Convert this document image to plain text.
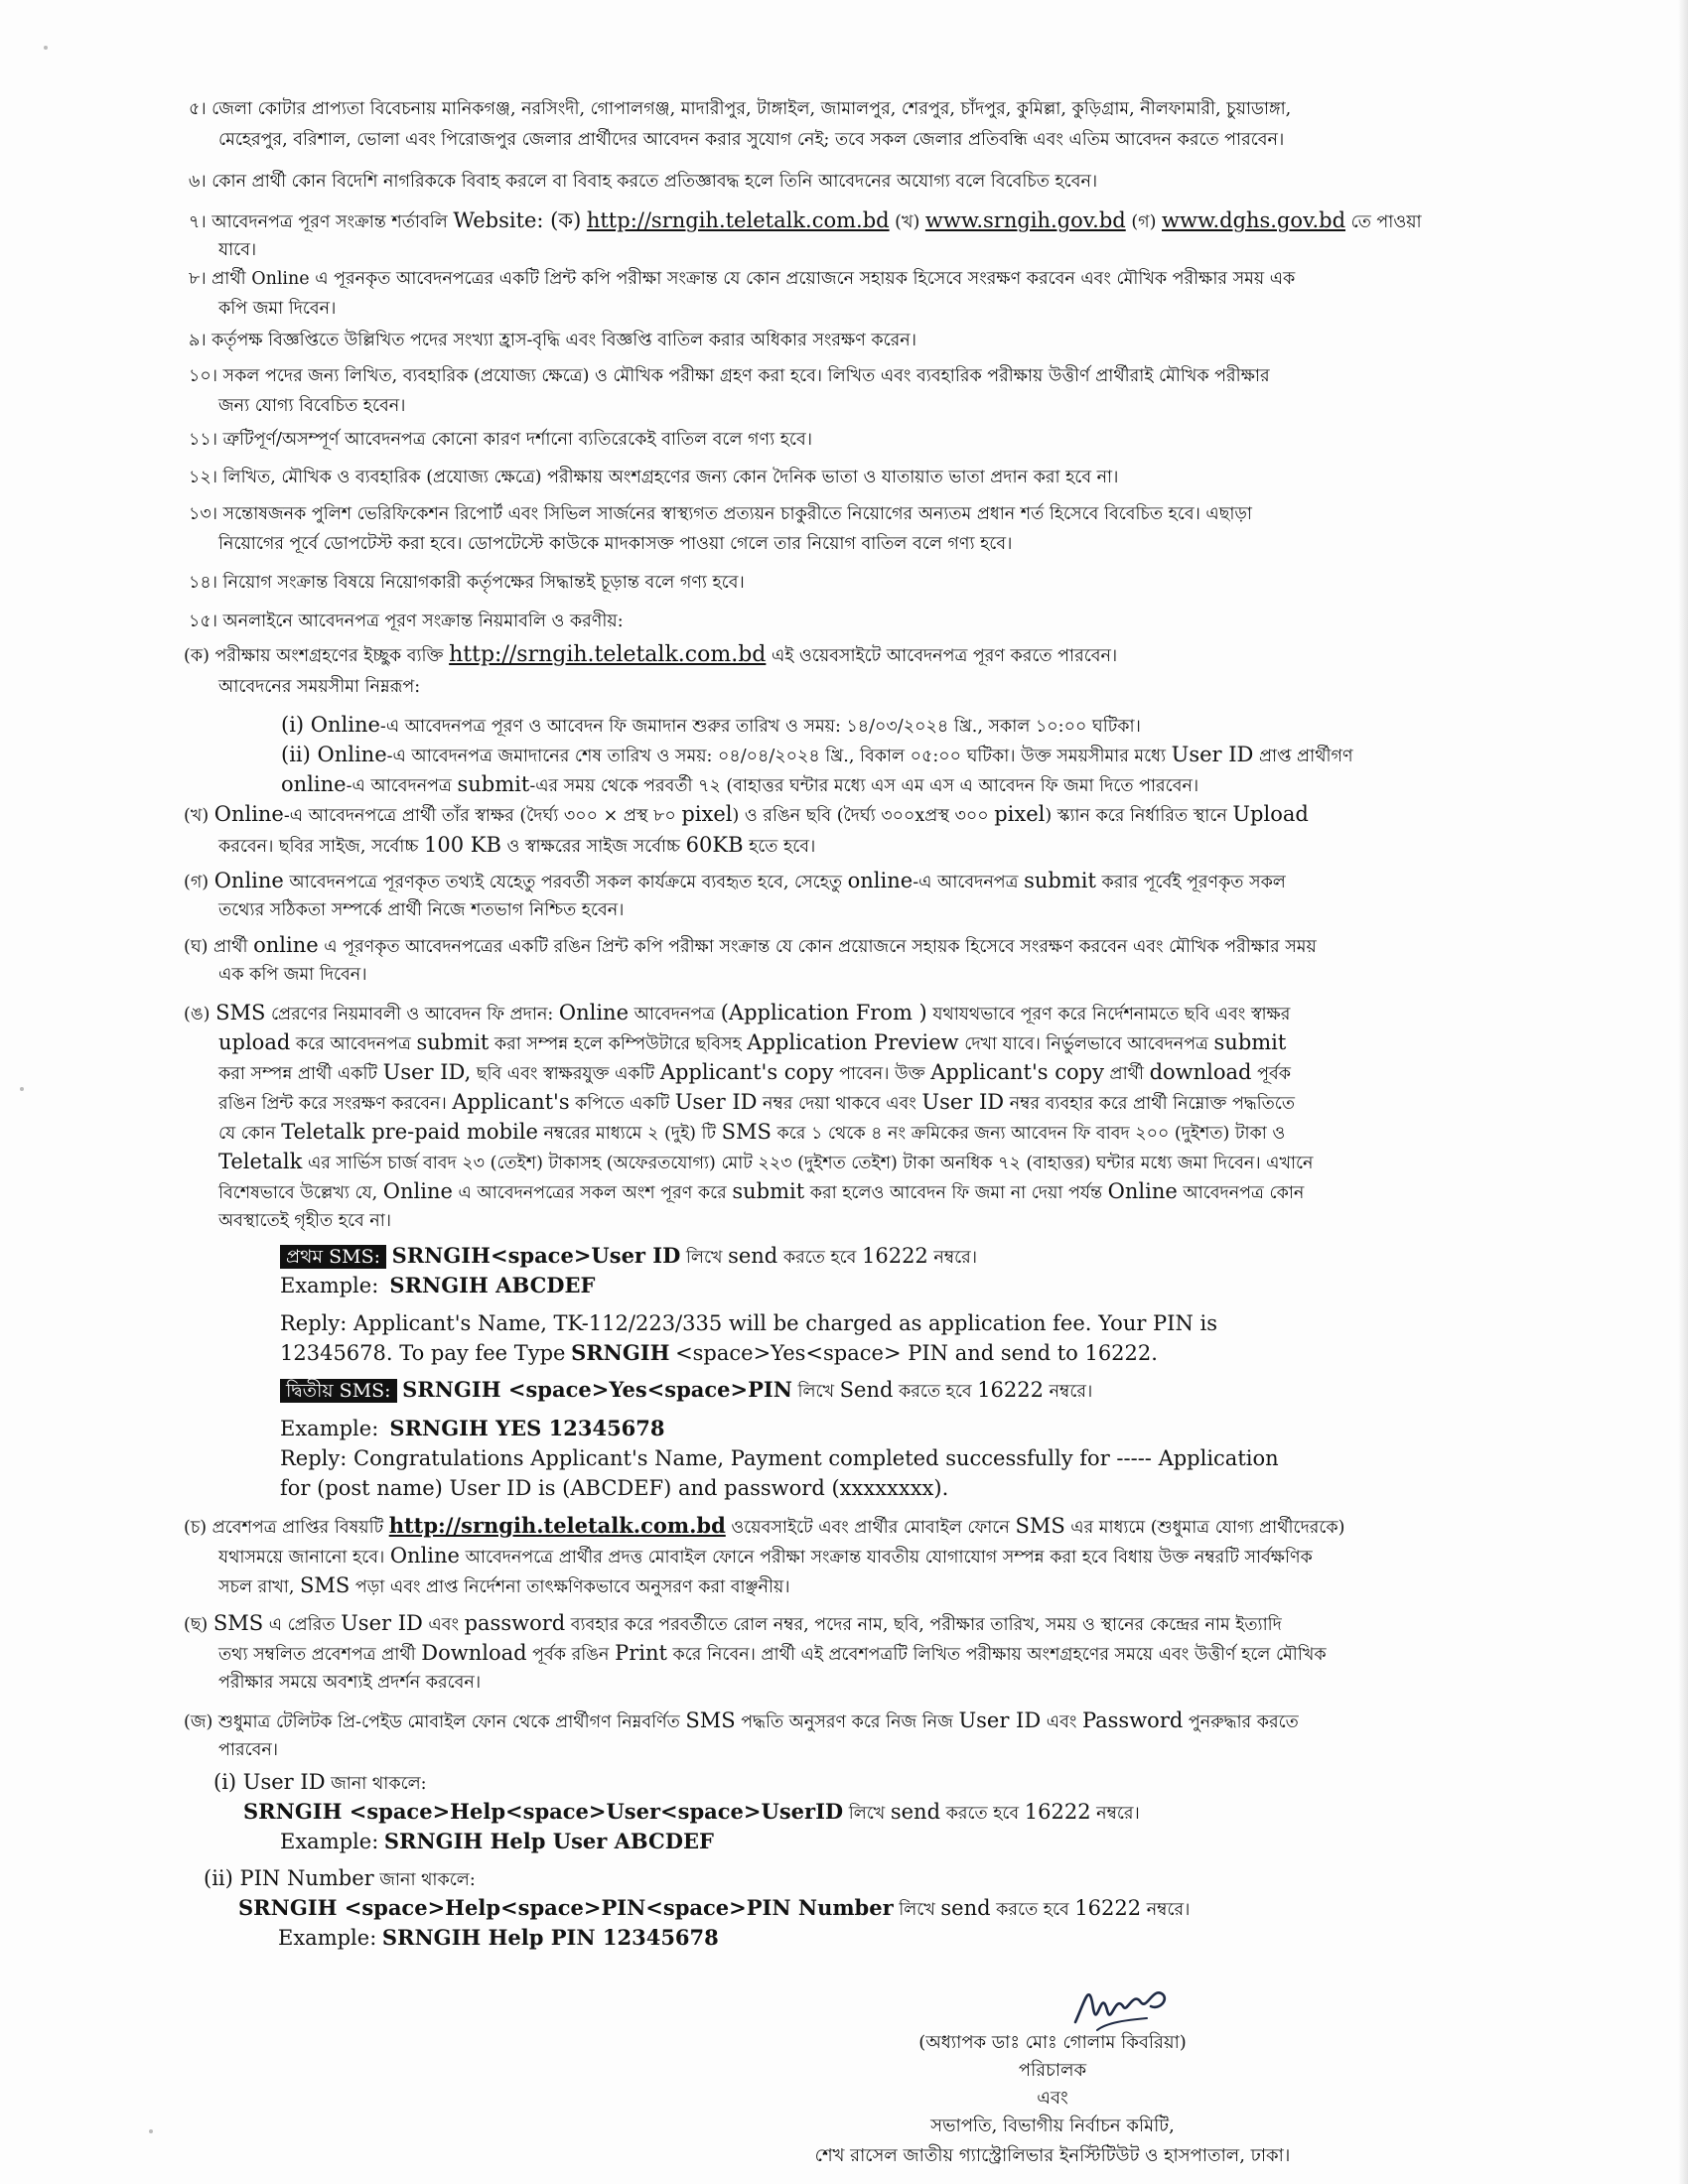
৫। জেলা কোটার প্রাপ্যতা বিবেচনায় মানিকগঞ্জ, নরসিংদী, গোপালগঞ্জ, মাদারীপুর, টাঙ্গাইল, জামালপুর, শেরপুর, চাঁদপুর, কুমিল্লা, কুড়িগ্রাম, নীলফামারী, চুয়াডাঙ্গা,
মেহেরপুর, বরিশাল, ভোলা এবং পিরোজপুর জেলার প্রার্থীদের আবেদন করার সুযোগ নেই; তবে সকল জেলার প্রতিবন্ধি এবং এতিম আবেদন করতে পারবেন।
৬। কোন প্রার্থী কোন বিদেশি নাগরিককে বিবাহ করলে বা বিবাহ করতে প্রতিজ্ঞাবদ্ধ হলে তিনি আবেদনের অযোগ্য বলে বিবেচিত হবেন।
৭। আবেদনপত্র পূরণ সংক্রান্ত শর্তাবলি Website: (ক) http://srngih.teletalk.com.bd (খ) www.srngih.gov.bd (গ) www.dghs.gov.bd তে পাওয়া
যাবে।
৮। প্রার্থী Online এ পূরনকৃত আবেদনপত্রের একটি প্রিন্ট কপি পরীক্ষা সংক্রান্ত যে কোন প্রয়োজনে সহায়ক হিসেবে সংরক্ষণ করবেন এবং মৌখিক পরীক্ষার সময় এক
কপি জমা দিবেন।
৯। কর্তৃপক্ষ বিজ্ঞপ্তিতে উল্লিখিত পদের সংখ্যা হ্রাস-বৃদ্ধি এবং বিজ্ঞপ্তি বাতিল করার অধিকার সংরক্ষণ করেন।
১০। সকল পদের জন্য লিখিত, ব্যবহারিক (প্রযোজ্য ক্ষেত্রে) ও মৌখিক পরীক্ষা গ্রহণ করা হবে। লিখিত এবং ব্যবহারিক পরীক্ষায় উত্তীর্ণ প্রার্থীরাই মৌখিক পরীক্ষার
জন্য যোগ্য বিবেচিত হবেন।
১১। ত্রুটিপূর্ণ/অসম্পূর্ণ আবেদনপত্র কোনো কারণ দর্শানো ব্যতিরেকেই বাতিল বলে গণ্য হবে।
১২। লিখিত, মৌখিক ও ব্যবহারিক (প্রযোজ্য ক্ষেত্রে) পরীক্ষায় অংশগ্রহণের জন্য কোন দৈনিক ভাতা ও যাতায়াত ভাতা প্রদান করা হবে না।
১৩। সন্তোষজনক পুলিশ ভেরিফিকেশন রিপোর্ট এবং সিভিল সার্জনের স্বাস্থ্যগত প্রত্যয়ন চাকুরীতে নিয়োগের অন্যতম প্রধান শর্ত হিসেবে বিবেচিত হবে। এছাড়া
নিয়োগের পূর্বে ডোপটেস্ট করা হবে। ডোপটেস্টে কাউকে মাদকাসক্ত পাওয়া গেলে তার নিয়োগ বাতিল বলে গণ্য হবে।
১৪। নিয়োগ সংক্রান্ত বিষয়ে নিয়োগকারী কর্তৃপক্ষের সিদ্ধান্তই চূড়ান্ত বলে গণ্য হবে।
১৫। অনলাইনে আবেদনপত্র পূরণ সংক্রান্ত নিয়মাবলি ও করণীয়:
(ক) পরীক্ষায় অংশগ্রহণের ইচ্ছুক ব্যক্তি http://srngih.teletalk.com.bd এই ওয়েবসাইটে আবেদনপত্র পূরণ করতে পারবেন।
আবেদনের সময়সীমা নিম্নরূপ:
(i) Online-এ আবেদনপত্র পূরণ ও আবেদন ফি জমাদান শুরুর তারিখ ও সময়: ১৪/০৩/২০২৪ খ্রি., সকাল ১০:০০ ঘটিকা।
(ii) Online-এ আবেদনপত্র জমাদানের শেষ তারিখ ও সময়: ০৪/০৪/২০২৪ খ্রি., বিকাল ০৫:০০ ঘটিকা। উক্ত সময়সীমার মধ্যে User ID প্রাপ্ত প্রার্থীগণ
online-এ আবেদনপত্র submit-এর সময় থেকে পরবর্তী ৭২ (বাহাত্তর ঘন্টার মধ্যে এস এম এস এ আবেদন ফি জমা দিতে পারবেন।
(খ) Online-এ আবেদনপত্রে প্রার্থী তাঁর স্বাক্ষর (দৈর্ঘ্য ৩০০ × প্রস্থ ৮০ pixel) ও রঙিন ছবি (দৈর্ঘ্য ৩০০xপ্রস্থ ৩০০ pixel) স্ক্যান করে নির্ধারিত স্থানে Upload
করবেন। ছবির সাইজ, সর্বোচ্চ 100 KB ও স্বাক্ষরের সাইজ সর্বোচ্চ 60KB হতে হবে।
(গ) Online আবেদনপত্রে পূরণকৃত তথ্যই যেহেতু পরবর্তী সকল কার্যক্রমে ব্যবহৃত হবে, সেহেতু online-এ আবেদনপত্র submit করার পূর্বেই পূরণকৃত সকল
তথ্যের সঠিকতা সম্পর্কে প্রার্থী নিজে শতভাগ নিশ্চিত হবেন।
(ঘ) প্রার্থী online এ পূরণকৃত আবেদনপত্রের একটি রঙিন প্রিন্ট কপি পরীক্ষা সংক্রান্ত যে কোন প্রয়োজনে সহায়ক হিসেবে সংরক্ষণ করবেন এবং মৌখিক পরীক্ষার সময়
এক কপি জমা দিবেন।
(ঙ) SMS প্রেরণের নিয়মাবলী ও আবেদন ফি প্রদান: Online আবেদনপত্র (Application From ) যথাযথভাবে পূরণ করে নির্দেশনামতে ছবি এবং স্বাক্ষর
upload করে আবেদনপত্র submit করা সম্পন্ন হলে কম্পিউটারে ছবিসহ Application Preview দেখা যাবে। নির্ভুলভাবে আবেদনপত্র submit
করা সম্পন্ন প্রার্থী একটি User ID, ছবি এবং স্বাক্ষরযুক্ত একটি Applicant's copy পাবেন। উক্ত Applicant's copy প্রার্থী download পূর্বক
রঙিন প্রিন্ট করে সংরক্ষণ করবেন। Applicant's কপিতে একটি User ID নম্বর দেয়া থাকবে এবং User ID নম্বর ব্যবহার করে প্রার্থী নিম্নোক্ত পদ্ধতিতে
যে কোন Teletalk pre-paid mobile নম্বরের মাধ্যমে ২ (দুই) টি SMS করে ১ থেকে ৪ নং ক্রমিকের জন্য আবেদন ফি বাবদ ২০০ (দুইশত) টাকা ও
Teletalk এর সার্ভিস চার্জ বাবদ ২৩ (তেইশ) টাকাসহ (অফেরতযোগ্য) মোট ২২৩ (দুইশত তেইশ) টাকা অনধিক ৭২ (বাহাত্তর) ঘন্টার মধ্যে জমা দিবেন। এখানে
বিশেষভাবে উল্লেখ্য যে, Online এ আবেদনপত্রের সকল অংশ পূরণ করে submit করা হলেও আবেদন ফি জমা না দেয়া পর্যন্ত Online আবেদনপত্র কোন
অবস্থাতেই গৃহীত হবে না।
প্রথম SMS: SRNGIH<space>User ID লিখে send করতে হবে 16222 নম্বরে।
Example: SRNGIH ABCDEF
Reply: Applicant's Name, TK-112/223/335 will be charged as application fee. Your PIN is
12345678. To pay fee Type SRNGIH <space>Yes<space> PIN and send to 16222.
দ্বিতীয় SMS: SRNGIH <space>Yes<space>PIN লিখে Send করতে হবে 16222 নম্বরে।
Example: SRNGIH YES 12345678
Reply: Congratulations Applicant's Name, Payment completed successfully for ----- Application
for (post name) User ID is (ABCDEF) and password (xxxxxxxx).
(চ) প্রবেশপত্র প্রাপ্তির বিষয়টি http://srngih.teletalk.com.bd ওয়েবসাইটে এবং প্রার্থীর মোবাইল ফোনে SMS এর মাধ্যমে (শুধুমাত্র যোগ্য প্রার্থীদেরকে)
যথাসময়ে জানানো হবে। Online আবেদনপত্রে প্রার্থীর প্রদত্ত মোবাইল ফোনে পরীক্ষা সংক্রান্ত যাবতীয় যোগাযোগ সম্পন্ন করা হবে বিধায় উক্ত নম্বরটি সার্বক্ষণিক
সচল রাখা, SMS পড়া এবং প্রাপ্ত নির্দেশনা তাৎক্ষণিকভাবে অনুসরণ করা বাঞ্ছনীয়।
(ছ) SMS এ প্রেরিত User ID এবং password ব্যবহার করে পরবর্তীতে রোল নম্বর, পদের নাম, ছবি, পরীক্ষার তারিখ, সময় ও স্থানের কেন্দ্রের নাম ইত্যাদি
তথ্য সম্বলিত প্রবেশপত্র প্রার্থী Download পূর্বক রঙিন Print করে নিবেন। প্রার্থী এই প্রবেশপত্রটি লিখিত পরীক্ষায় অংশগ্রহণের সময়ে এবং উত্তীর্ণ হলে মৌখিক
পরীক্ষার সময়ে অবশ্যই প্রদর্শন করবেন।
(জ) শুধুমাত্র টেলিটক প্রি-পেইড মোবাইল ফোন থেকে প্রার্থীগণ নিম্নবর্ণিত SMS পদ্ধতি অনুসরণ করে নিজ নিজ User ID এবং Password পুনরুদ্ধার করতে
পারবেন।
(i) User ID জানা থাকলে:
SRNGIH <space>Help<space>User<space>UserID লিখে send করতে হবে 16222 নম্বরে।
Example: SRNGIH Help User ABCDEF
(ii) PIN Number জানা থাকলে:
SRNGIH <space>Help<space>PIN<space>PIN Number লিখে send করতে হবে 16222 নম্বরে।
Example: SRNGIH Help PIN 12345678
(অধ্যাপক ডাঃ মোঃ গোলাম কিবরিয়া)
পরিচালক
এবং
সভাপতি, বিভাগীয় নির্বাচন কমিটি,
শেখ রাসেল জাতীয় গ্যাস্ট্রোলিভার ইনস্টিটিউট ও হাসপাতাল, ঢাকা।
